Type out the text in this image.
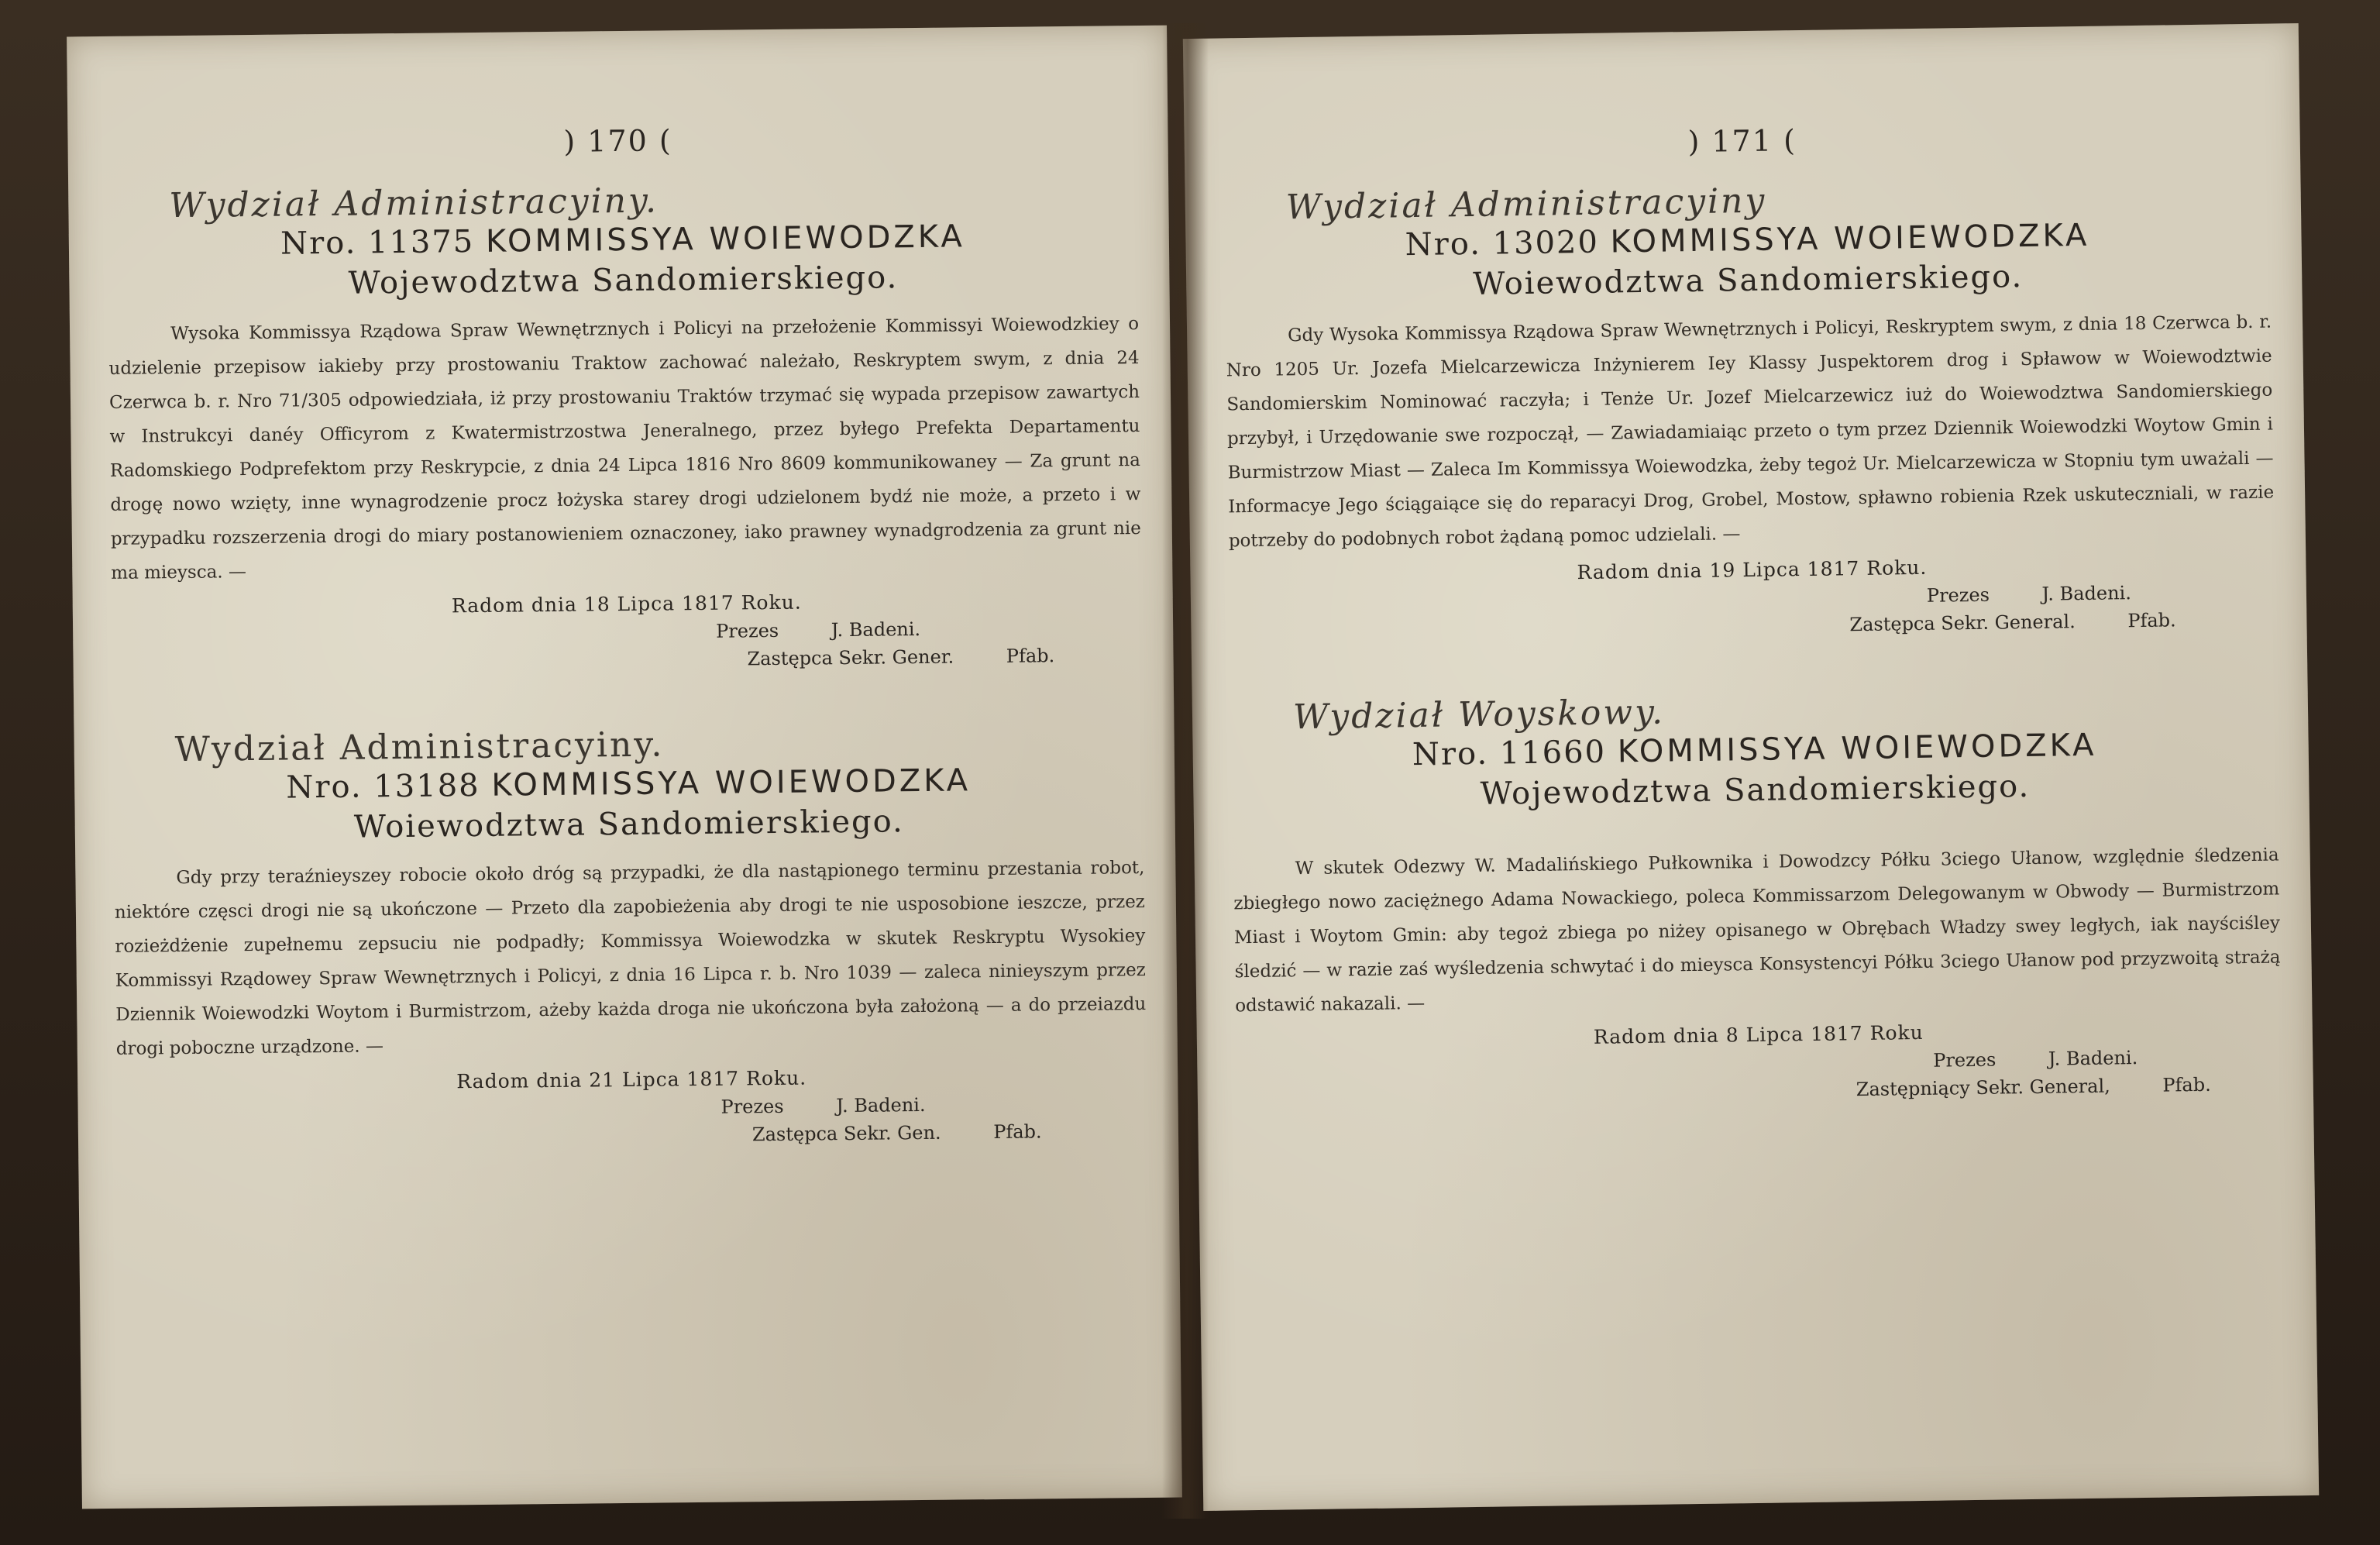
) 170 (
Wydział Administracyiny.
Nro. 11375 KOMMISSYA WOIEWODZKA
Wojewodztwa Sandomierskiego.
Wysoka Kommissya Rządowa Spraw Wewnętrznych i Policyi na przełożenie Kommissyi Woiewodzkiey o udzielenie przepisow iakieby przy prostowaniu Traktow zachować należało, Reskryptem swym, z dnia 24 Czerwca b. r. Nro 71/305 odpowiedziała, iż przy prostowaniu Traktów trzymać się wypada przepisow zawartych w Instrukcyi danéy Officyrom z Kwatermistrzostwa Jeneralnego, przez byłego Prefekta Departamentu Radomskiego Podprefektom przy Reskrypcie, z dnia 24 Lipca 1816 Nro 8609 kommunikowaney — Za grunt na drogę nowo wzięty, inne wynagrodzenie procz łożyska starey drogi udzielonem bydź nie może, a przeto i w przypadku rozszerzenia drogi do miary postanowieniem oznaczoney, iako prawney wynadgrodzenia za grunt nie ma mieysca. —
Radom dnia 18 Lipca 1817 Roku.
Prezes	J. Badeni.
Zastępca Sekr. Gener.	Pfab.
Wydział Administracyiny.
Nro. 13188 KOMMISSYA WOIEWODZKA
Woiewodztwa Sandomierskiego.
Gdy przy teraźnieyszey robocie około dróg są przypadki, że dla nastąpionego terminu przestania robot, niektóre częsci drogi nie są ukończone — Przeto dla zapobieżenia aby drogi te nie usposobione ieszcze, przez rozieżdżenie zupełnemu zepsuciu nie podpadły; Kommissya Woiewodzka w skutek Reskryptu Wysokiey Kommissyi Rządowey Spraw Wewnętrznych i Policyi, z dnia 16 Lipca r. b. Nro 1039 — zaleca ninieyszym przez Dziennik Woiewodzki Woytom i Burmistrzom, ażeby każda droga nie ukończona była założoną — a do przeiazdu drogi poboczne urządzone. —
Radom dnia 21 Lipca 1817 Roku.
Prezes	J. Badeni.
Zastępca Sekr. Gen.	Pfab.
) 171 (
Wydział Administracyiny
Nro. 13020 KOMMISSYA WOIEWODZKA
Woiewodztwa Sandomierskiego.
Gdy Wysoka Kommissya Rządowa Spraw Wewnętrznych i Policyi, Reskryptem swym, z dnia 18 Czerwca b. r. Nro 1205 Ur. Jozefa Mielcarzewicza Inżynierem Iey Klassy Juspektorem drog i Spławow w Woiewodztwie Sandomierskim Nominować raczyła; i Tenże Ur. Jozef Mielcarzewicz iuż do Woiewodztwa Sandomierskiego przybył, i Urzędowanie swe rozpoczął, — Zawiadamiaiąc przeto o tym przez Dziennik Woiewodzki Woytow Gmin i Burmistrzow Miast — Zaleca Im Kommissya Woiewodzka, żeby tegoż Ur. Mielcarzewicza w Stopniu tym uważali — Informacye Jego ściągaiące się do reparacyi Drog, Grobel, Mostow, spławno robienia Rzek uskuteczniali, w razie potrzeby do podobnych robot żądaną pomoc udzielali. —
Radom dnia 19 Lipca 1817 Roku.
Prezes	J. Badeni.
Zastępca Sekr. General.	Pfab.
Wydział Woyskowy.
Nro. 11660 KOMMISSYA WOIEWODZKA
Wojewodztwa Sandomierskiego.
W skutek Odezwy W. Madalińskiego Pułkownika i Dowodzcy Półku 3ciego Ułanow, względnie śledzenia zbiegłego nowo zaciężnego Adama Nowackiego, poleca Kommissarzom Delegowanym w Obwody — Burmistrzom Miast i Woytom Gmin: aby tegoż zbiega po niżey opisanego w Obrębach Władzy swey ległych, iak nayściśley śledzić — w razie zaś wyśledzenia schwytać i do mieysca Konsystencyi Półku 3ciego Ułanow pod przyzwoitą strażą odstawić nakazali. —
Radom dnia 8 Lipca 1817 Roku
Prezes	J. Badeni.
Zastępniący Sekr. General,	Pfab.
